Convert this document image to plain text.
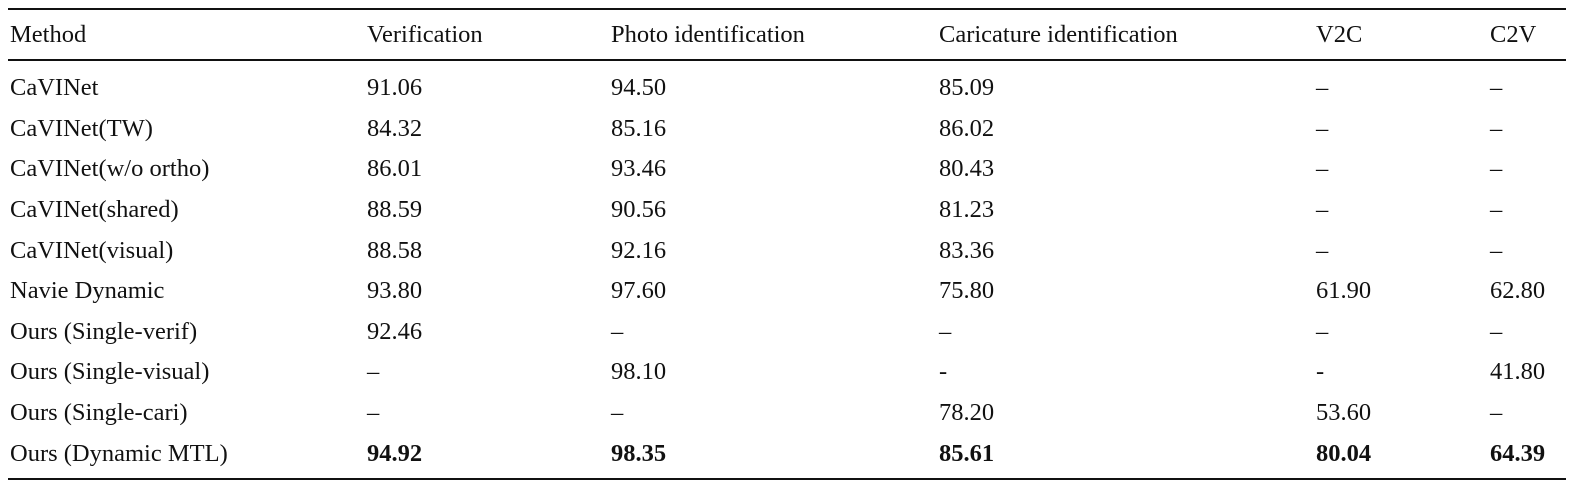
Method	Verification	Photo identification	Caricature identification	V2C	C2V
CaVINet	91.06	94.50	85.09	–	–
CaVINet(TW)	84.32	85.16	86.02	–	–
CaVINet(w/o ortho)	86.01	93.46	80.43	–	–
CaVINet(shared)	88.59	90.56	81.23	–	–
CaVINet(visual)	88.58	92.16	83.36	–	–
Navie Dynamic	93.80	97.60	75.80	61.90	62.80
Ours (Single-verif)	92.46	–	–	–	–
Ours (Single-visual)	–	98.10	-	-	41.80
Ours (Single-cari)	–	–	78.20	53.60	–
Ours (Dynamic MTL)	94.92	98.35	85.61	80.04	64.39
